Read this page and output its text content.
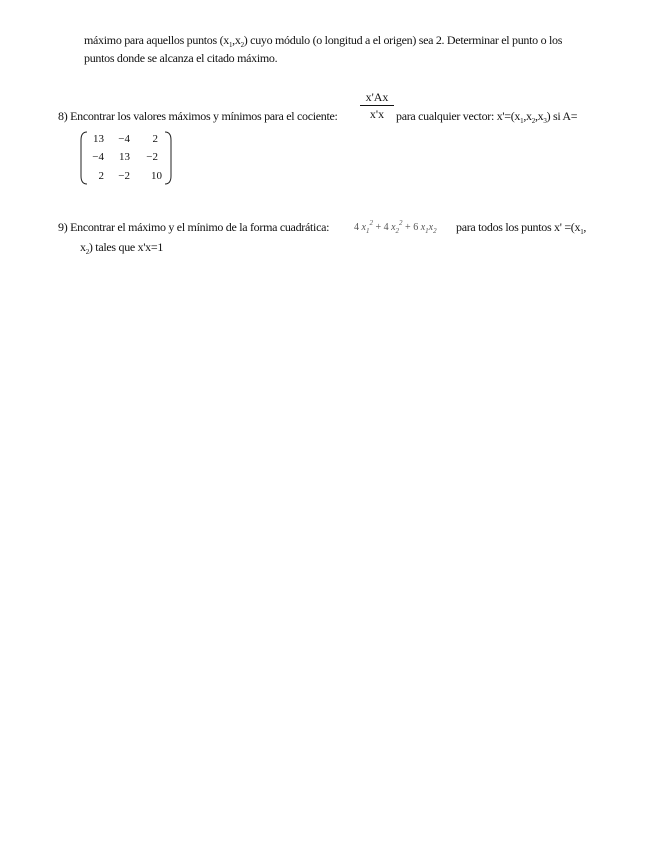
máximo para aquellos puntos $(x_1,x_2)$ cuyo módulo (o longitud a el origen) sea 2. Determinar el punto o los
puntos donde se alcanza el citado máximo.
x'Ax
x'x
8) Encontrar los valores máximos y mínimos para el cociente:	para cualquier vector: $x'=(x_1,x_2,x_3)$ si A=
13	−4	2
−4	13	−2
2	−2	10
9) Encontrar el máximo y el mínimo de la forma cuadrática: 4 $x_1^2 + 4$ $x_2^2 + 6$ $x_1x_2$ para todos los puntos $x' =(x_1$,
$x_2$) tales que x'x=1
